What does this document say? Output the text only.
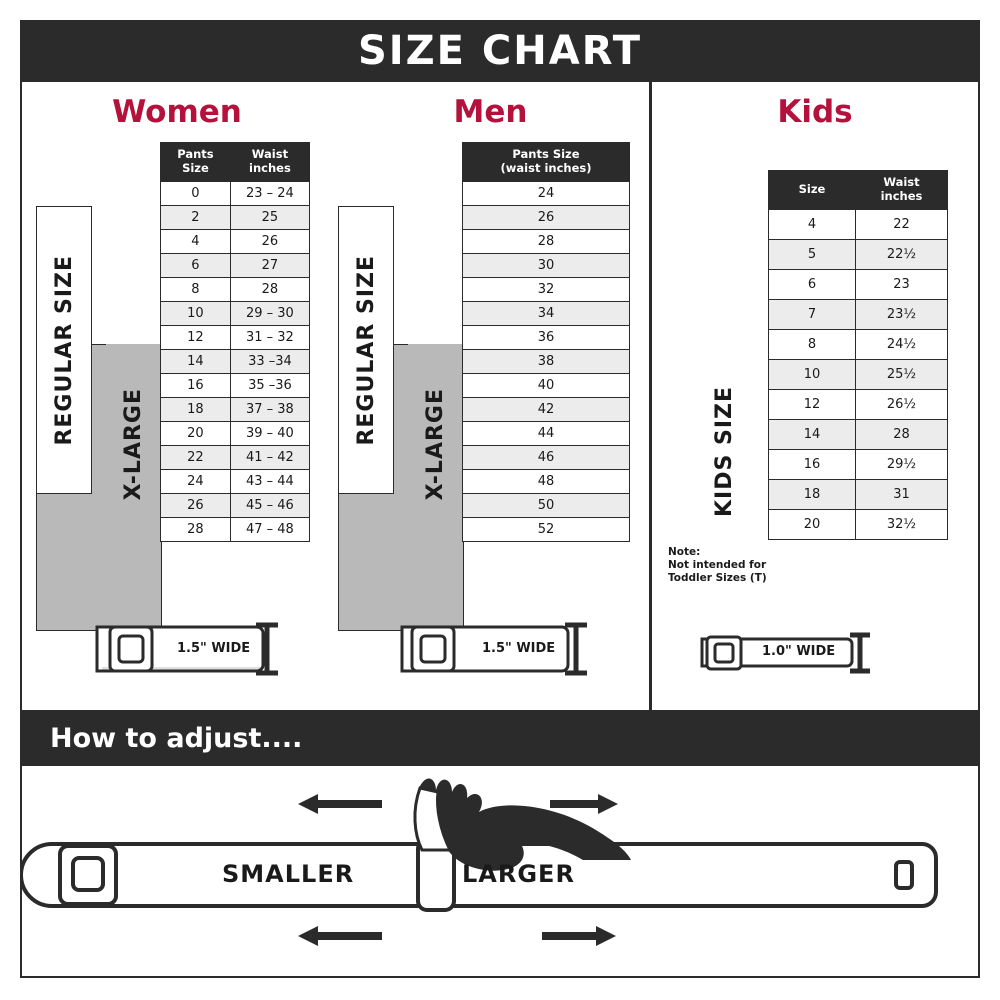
SIZE CHART
Women
REGULAR SIZE X-LARGE
Pants Size	Waist
inches
0	23 – 24
2	25
4	26
6	27
8	28
10	29 – 30
12	31 – 32
14	33 –34
16	35 –36
18	37 – 38
20	39 – 40
22	41 – 42
24	43 – 44
26	45 – 46
28	47 – 48
1.5" WIDE
Men
REGULAR SIZE X-LARGE
Pants Size
(waist inches)
24
26
28
30
32
34
36
38
40
42
44
46
48
50
52
1.5" WIDE
Kids
KIDS SIZE
Note:
Not intended for
Toddler Sizes (T)
Size	Waist
inches
4	22
5	22½
6	23
7	23½
8	24½
10	25½
12	26½
14	28
16	29½
18	31
20	32½
1.0" WIDE
How to adjust....
SMALLER	LARGER
